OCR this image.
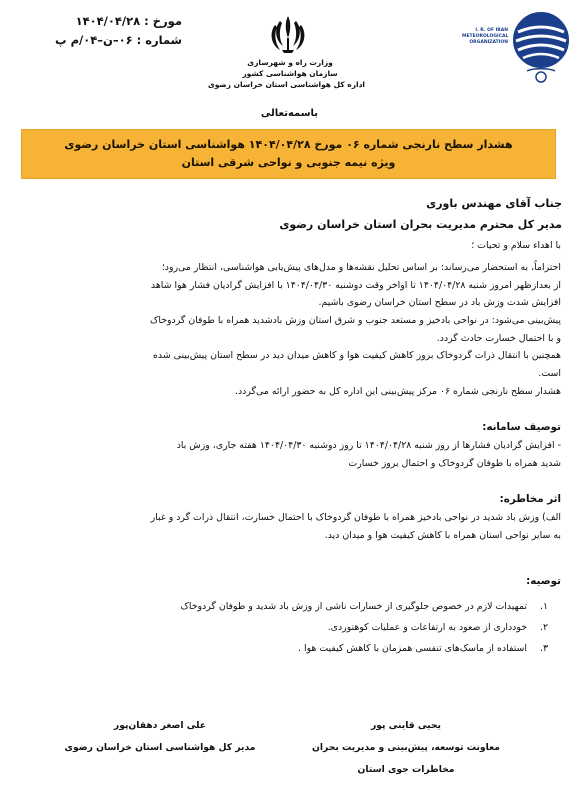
مورخ : ۱۴۰۴/۰۴/۲۸
شماره : ۰۶–ن–۰۴/م پ
وزارت راه و شهرسازی
سازمان هواشناسی کشور
اداره کل هواشناسی استان خراسان رضوی
I. R. OF IRAN
METEOROLOGICAL
ORGANIZATION
باسمه‌تعالی
هشدار سطح نارنجی شماره ۰۶ مورخ ۱۴۰۴/۰۴/۲۸ هواشناسی استان خراسان رضوی
ویژه نیمه جنوبی و نواحی شرقی استان
جناب آقای مهندس باوری
مدیر کل محترم مدیریت بحران استان خراسان رضوی
با اهداء سلام و تحیات ؛
احتراماً، به استحضار می‌رساند: بر اساس تحلیل نقشه‌ها و مدل‌های پیش‌یابی هواشناسی، انتظار می‌رود؛
از بعدازظهر امروز شنبه ۱۴۰۴/۰۴/۲۸ تا اواخر وقت دوشنبه ۱۴۰۴/۰۴/۳۰ با افزایش گرادیان فشار هوا شاهد
افزایش شدت وزش باد در سطح استان خراسان رضوی باشیم.
پیش‌بینی می‌شود: در نواحی بادخیز و مستعد جنوب و شرق استان وزش بادشدید همراه با طوفان گردوخاک
و با احتمال خسارت حادث گردد.
همچنین با انتقال ذرات گردوخاک بروز کاهش کیفیت هوا و کاهش میدان دید در سطح استان پیش‌بینی شده
است.
هشدار سطح نارنجی شماره ۰۶ مرکز پیش‌بینی این اداره کل به حضور ارائه می‌گردد.
توصیف سامانه:
- افزایش گرادیان فشارها از روز شنبه ۱۴۰۴/۰۴/۲۸ تا روز دوشنبه ۱۴۰۴/۰۴/۳۰ هفته جاری، وزش باد
شدید همراه با طوفان گردوخاک و احتمال بروز خسارت
اثر مخاطره:
الف) وزش باد شدید در نواحی بادخیز همراه با طوفان گردوخاک با احتمال خسارت، انتقال ذرات گرد و غبار
به سایر نواحی استان همراه با کاهش کیفیت هوا و میدان دید.
توصیه:
۱.
تمهیدات لازم در خصوص جلوگیری از خسارات ناشی از وزش باد شدید و طوفان گردوخاک
۲.
خودداری از صعود به ارتفاعات و عملیات کوهنوردی.
۳.
استفاده از ماسک‌های تنفسی همزمان با کاهش کیفیت هوا .
علی اصغر دهقان‌پور
مدیر کل هواشناسی استان خراسان رضوی
یحیی قاینی پور
معاونت توسعه، پیش‌بینی و مدیریت بحران
مخاطرات جوی استان
